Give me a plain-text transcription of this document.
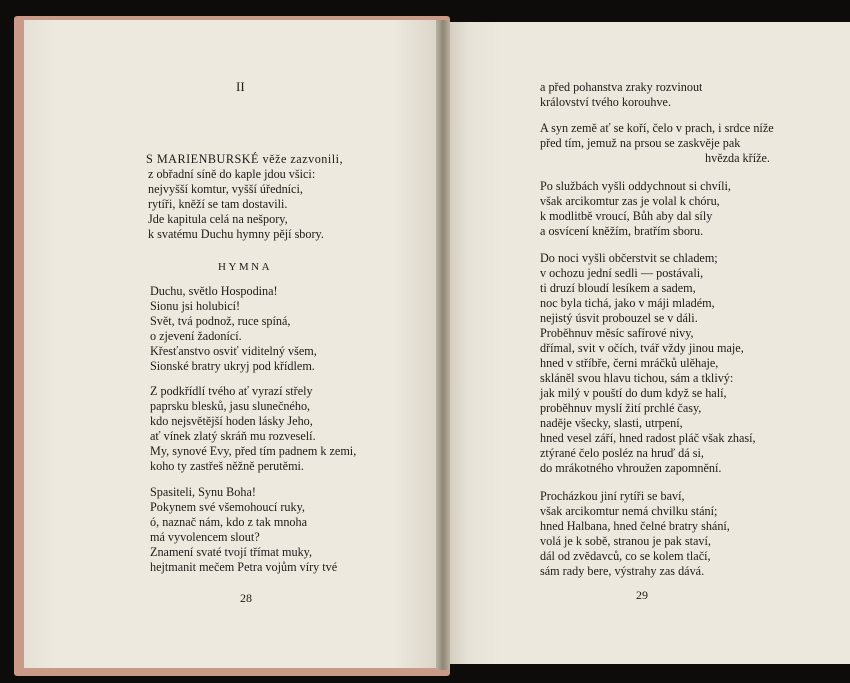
II
S MARIENBURSKÉ věže zazvonili,
z obřadní síně do kaple jdou všici:
nejvyšší komtur, vyšší úředníci,
rytíři, kněží se tam dostavili.
Jde kapitula celá na nešpory,
k svatému Duchu hymny pějí sbory.
HYMNA
Duchu, světlo Hospodina!
Sionu jsi holubicí!
Svět, tvá podnož, ruce spíná,
o zjevení žadonící.
Křesťanstvo osviť viditelný všem,
Sionské bratry ukryj pod křídlem.
Z podkřídlí tvého ať vyrazí střely
paprsku blesků, jasu slunečného,
kdo nejsvětější hoden lásky Jeho,
ať vínek zlatý skráň mu rozveselí.
My, synové Evy, před tím padnem k zemi,
koho ty zastřeš něžně perutěmi.
Spasiteli, Synu Boha!
Pokynem své všemohoucí ruky,
ó, naznač nám, kdo z tak mnoha
má vyvolencem slout?
Znamení svaté tvojí třímat muky,
hejtmanit mečem Petra vojům víry tvé
28
a před pohanstva zraky rozvinout
království tvého korouhve.
A syn země ať se koří, čelo v prach, i srdce níže
před tím, jemuž na prsou se zaskvěje pak
hvězda kříže.
Po službách vyšli oddychnout si chvíli,
však arcikomtur zas je volal k chóru,
k modlitbě vroucí, Bůh aby dal síly
a osvícení kněžím, bratřím sboru.
Do noci vyšli občerstvit se chladem;
v ochozu jední sedli — postávali,
ti druzí bloudí lesíkem a sadem,
noc byla tichá, jako v máji mladém,
nejistý úsvit probouzel se v dáli.
Proběhnuv měsíc safírové nivy,
dřímal, svit v očích, tvář vždy jinou maje,
hned v stříbře, černi mráčků ulěhaje,
skláněl svou hlavu tichou, sám a tklivý:
jak milý v pouští do dum když se halí,
proběhnuv myslí žití prchlé časy,
naděje všecky, slasti, utrpení,
hned vesel září, hned radost pláč však zhasí,
ztýrané čelo posléz na hruď dá si,
do mrákotného vhroužen zapomnění.
Procházkou jiní rytíři se baví,
však arcikomtur nemá chvilku stání;
hned Halbana, hned čelné bratry shání,
volá je k sobě, stranou je pak staví,
dál od zvědavců, co se kolem tlačí,
sám rady bere, výstrahy zas dává.
29
